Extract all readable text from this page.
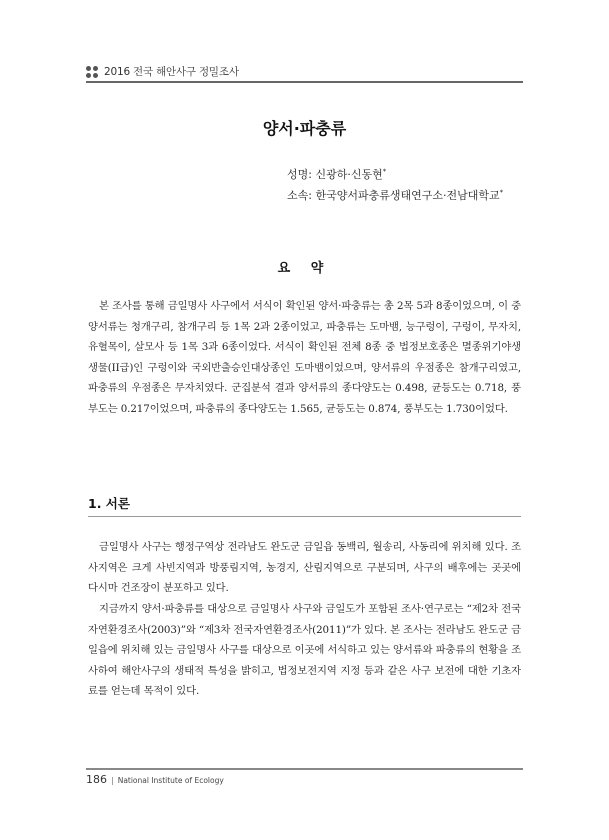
2016 전국 해안사구 정밀조사
양서·파충류
성명: 신광하·신동현*
소속: 한국양서파충류생태연구소·전남대학교*
요 약

본 조사를 통해 금일명사 사구에서 서식이 확인된 양서·파충류는 총 2목 5과 8종이었으며, 이 중 양서류는 청개구리, 참개구리 등 1목 2과 2종이었고, 파충류는 도마뱀, 능구렁이, 구렁이, 무자치, 유혈목이, 살모사 등 1목 3과 6종이었다. 서식이 확인된 전체 8종 중 법정보호종은 멸종위기야생생물(II급)인 구렁이와 국외반출승인대상종인 도마뱀이었으며, 양서류의 우점종은 참개구리였고, 파충류의 우점종은 무자치였다. 군집분석 결과 양서류의 종다양도는 0.498, 균등도는 0.718, 풍부도는 0.217이었으며, 파충류의 종다양도는 1.565, 균등도는 0.874, 풍부도는 1.730이었다.

1. 서론

금일명사 사구는 행정구역상 전라남도 완도군 금일읍 동백리, 월송리, 사동리에 위치해 있다. 조사지역은 크게 사빈지역과 방풍림지역, 농경지, 산림지역으로 구분되며, 사구의 배후에는 곳곳에 다시마 건조장이 분포하고 있다.

지금까지 양서·파충류를 대상으로 금일명사 사구와 금일도가 포함된 조사·연구로는 “제2차 전국자연환경조사(2003)”와 “제3차 전국자연환경조사(2011)”가 있다. 본 조사는 전라남도 완도군 금일읍에 위치해 있는 금일명사 사구를 대상으로 이곳에 서식하고 있는 양서류와 파충류의 현황을 조사하여 해안사구의 생태적 특성을 밝히고, 법정보전지역 지정 등과 같은 사구 보전에 대한 기초자료를 얻는데 목적이 있다.

186 | National Institute of Ecology
